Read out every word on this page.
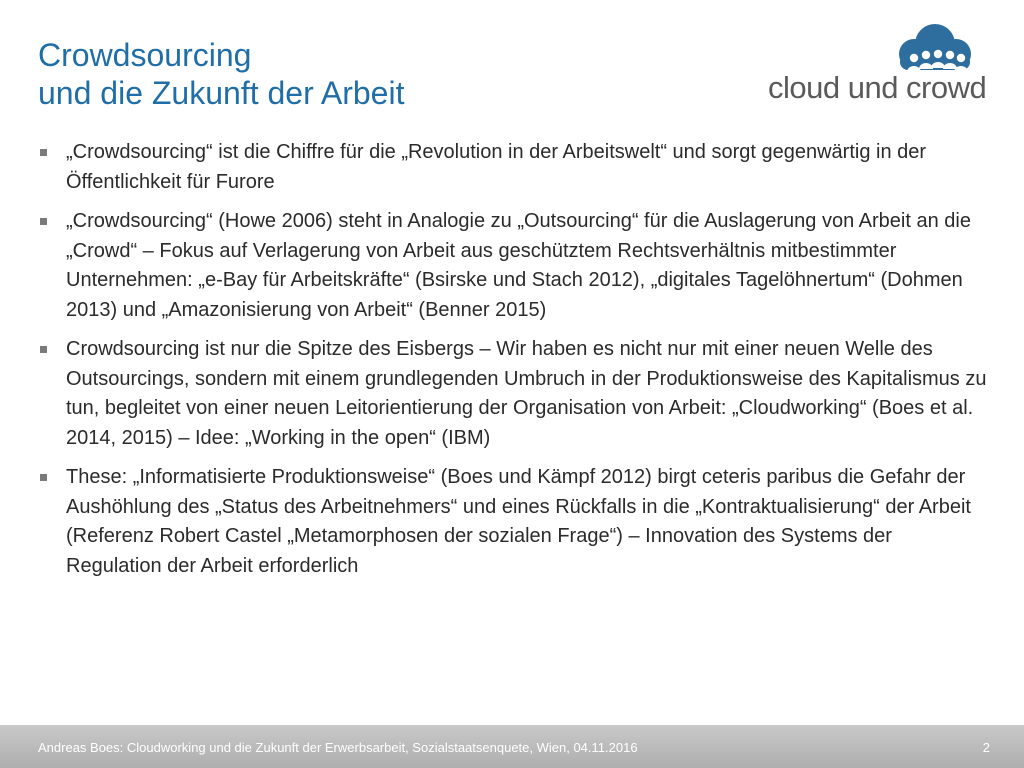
Crowdsourcing
und die Zukunft der Arbeit	cloud und crowd
„Crowdsourcing“ ist die Chiffre für die „Revolution in der Arbeitswelt“ und sorgt gegenwärtig in der Öffentlichkeit für Furore
„Crowdsourcing“ (Howe 2006) steht in Analogie zu „Outsourcing“ für die Auslagerung von Arbeit an die „Crowd“ – Fokus auf Verlagerung von Arbeit aus geschütztem Rechtsverhältnis mitbestimmter Unternehmen: „e-Bay für Arbeitskräfte“ (Bsirske und Stach 2012), „digitales Tagelöhnertum“ (Dohmen 2013) und „Amazonisierung von Arbeit“ (Benner 2015)
Crowdsourcing ist nur die Spitze des Eisbergs – Wir haben es nicht nur mit einer neuen Welle des Outsourcings, sondern mit einem grundlegenden Umbruch in der Produktionsweise des Kapitalismus zu tun, begleitet von einer neuen Leitorientierung der Organisation von Arbeit: „Cloudworking“ (Boes et al. 2014, 2015) – Idee: „Working in the open“ (IBM)
These: „Informatisierte Produktionsweise“ (Boes und Kämpf 2012) birgt ceteris paribus die Gefahr der Aushöhlung des „Status des Arbeitnehmers“ und eines Rückfalls in die „Kontraktualisierung“ der Arbeit (Referenz Robert Castel „Metamorphosen der sozialen Frage“) – Innovation des Systems der Regulation der Arbeit erforderlich
Andreas Boes: Cloudworking und die Zukunft der Erwerbsarbeit, Sozialstaatsenquete, Wien, 04.11.2016	2
